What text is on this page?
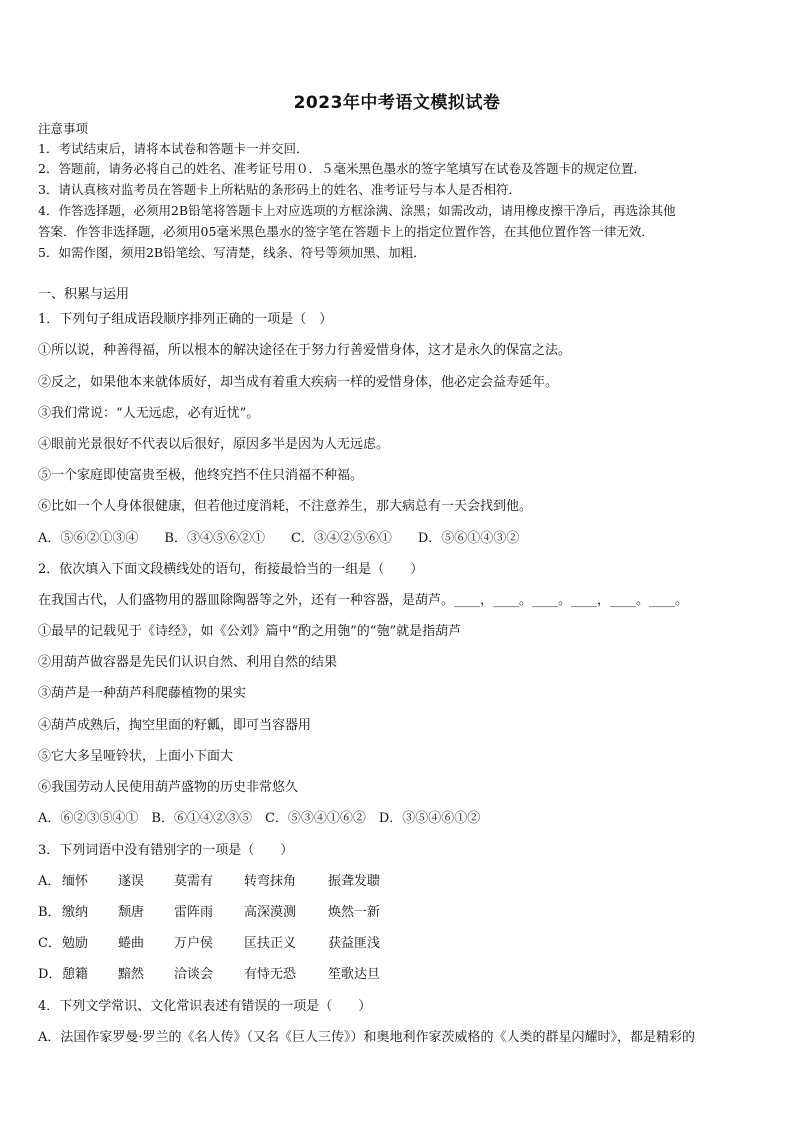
2023年中考语文模拟试卷
注意事项
1．考试结束后，请将本试卷和答题卡一并交回．
2．答题前，请务必将自己的姓名、准考证号用０．５毫米黑色墨水的签字笔填写在试卷及答题卡的规定位置．
3．请认真核对监考员在答题卡上所粘贴的条形码上的姓名、准考证号与本人是否相符．
4．作答选择题，必须用2B铅笔将答题卡上对应选项的方框涂满、涂黑；如需改动，请用橡皮擦干净后，再选涂其他
答案．作答非选择题，必须用05毫米黑色墨水的签字笔在答题卡上的指定位置作答，在其他位置作答一律无效．
5．如需作图，须用2B铅笔绘、写清楚，线条、符号等须加黑、加粗．
一、积累与运用
1．下列句子组成语段顺序排列正确的一项是（　）
①所以说，种善得福，所以根本的解决途径在于努力行善爱惜身体，这才是永久的保富之法。
②反之，如果他本来就体质好，却当成有着重大疾病一样的爱惜身体，他必定会益寿延年。
③我们常说：“人无远虑，必有近忧”。
④眼前光景很好不代表以后很好，原因多半是因为人无远虑。
⑤一个家庭即使富贵至极，他终究挡不住只消福不种福。
⑥比如一个人身体很健康，但若他过度消耗，不注意养生，那大病总有一天会找到他。
A．⑤⑥②①③④　　B．③④⑤⑥②①　　C．③④②⑤⑥①　　D．⑤⑥①④③②
2．依次填入下面文段横线处的语句，衔接最恰当的一组是（　　）
在我国古代，人们盛物用的器皿除陶器等之外，还有一种容器，是葫芦。____，____。____。____，____。____。
①最早的记载见于《诗经》，如《公刘》篇中“酌之用匏”的“匏”就是指葫芦
②用葫芦做容器是先民们认识自然、利用自然的结果
③葫芦是一种葫芦科爬藤植物的果实
④葫芦成熟后，掏空里面的籽瓤，即可当容器用
⑤它大多呈哑铃状，上面小下面大
⑥我国劳动人民使用葫芦盛物的历史非常悠久
A．⑥②③⑤④①　B．⑥①④②③⑤　C．⑤③④①⑥②　D．③⑤④⑥①②
3．下列词语中没有错别字的一项是（　　）
A． 缅怀 遂误 莫需有 转弯抹角 振聋发聩
B． 缴纳 颓唐 雷阵雨 高深漠测 焕然一新
C． 勉励 蜷曲 万户侯 匡扶正义 获益匪浅
D． 憩籍 黯然 洽谈会 有恃无恐 笙歌达旦
4．下列文学常识、文化常识表述有错误的一项是（　　）
A．法国作家罗曼·罗兰的《名人传》（又名《巨人三传》）和奥地利作家茨威格的《人类的群星闪耀时》，都是精彩的
